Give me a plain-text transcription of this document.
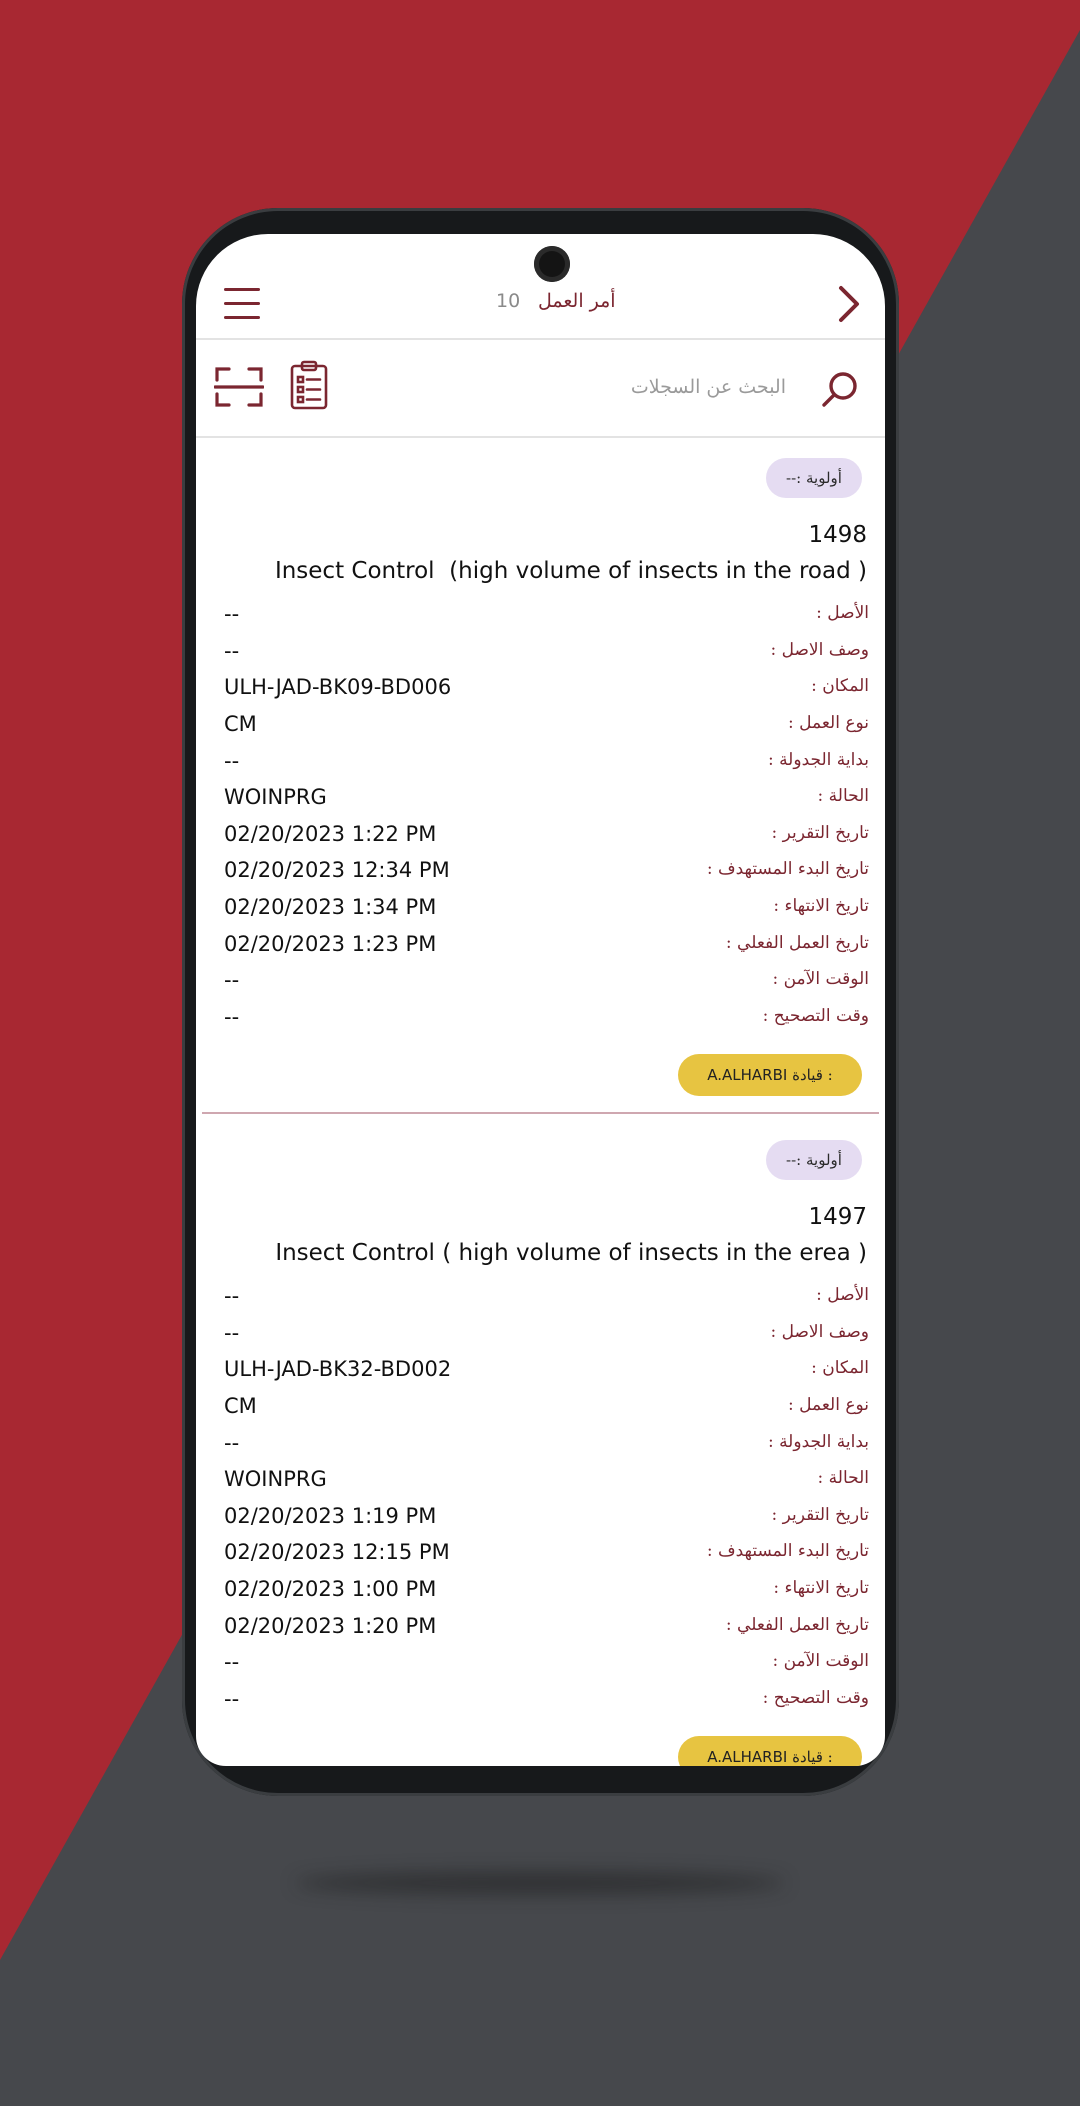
10 أمر العمل
البحث عن السجلات
أولوية :--
1498
Insect Control  (high volume of insects in the road )
الأصل :
--
وصف الاصل :
--
المكان :
ULH-JAD-BK09-BD006
نوع العمل :
CM
بداية الجدولة :
--
الحالة :
WOINPRG
تاريخ التقرير :
02/20/2023 1:22 PM
تاريخ البدء المستهدف :
02/20/2023 12:34 PM
تاريخ الانتهاء :
02/20/2023 1:34 PM
تاريخ العمل الفعلي :
02/20/2023 1:23 PM
الوقت الآمن :
--
وقت التصحيح :
--
A.ALHARBI قيادة :
أولوية :--
1497
Insect Control ( high volume of insects in the erea )
الأصل :
--
وصف الاصل :
--
المكان :
ULH-JAD-BK32-BD002
نوع العمل :
CM
بداية الجدولة :
--
الحالة :
WOINPRG
تاريخ التقرير :
02/20/2023 1:19 PM
تاريخ البدء المستهدف :
02/20/2023 12:15 PM
تاريخ الانتهاء :
02/20/2023 1:00 PM
تاريخ العمل الفعلي :
02/20/2023 1:20 PM
الوقت الآمن :
--
وقت التصحيح :
--
A.ALHARBI قيادة :
